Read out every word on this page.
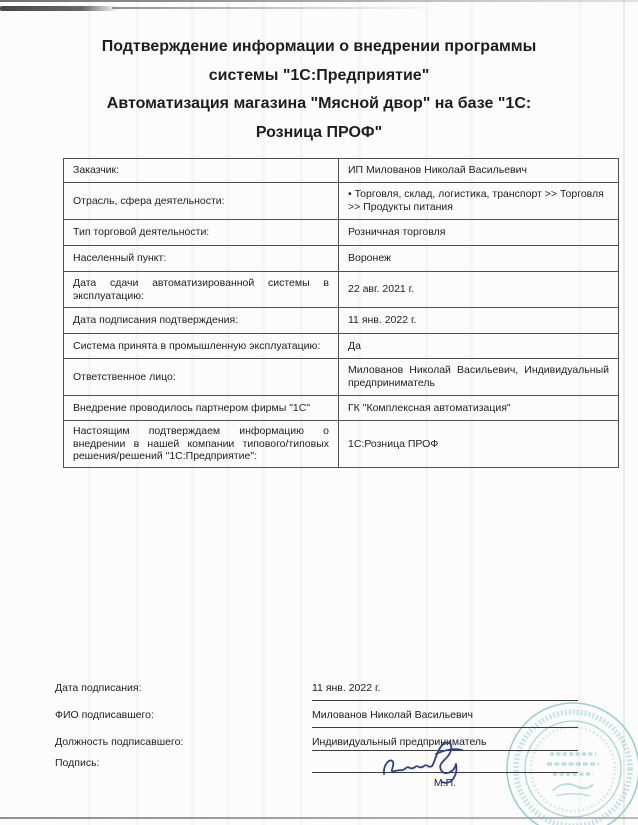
Подтверждение информации о внедрении программы
системы "1С:Предприятие"
Автоматизация магазина "Мясной двор" на базе "1С:
Розница ПРОФ"
Заказчик:	ИП Милованов Николай Васильевич
Отрасль, сфера деятельности:	• Торговля, склад, логистика, транспорт >> Торговля >> Продукты питания
Тип торговой деятельности:	Розничная торговля
Населенный пункт:	Воронеж
Дата сдачи автоматизированной системы в эксплуатацию:	22 авг. 2021 г.
Дата подписания подтверждения:	11 янв. 2022 г.
Система принята в промышленную эксплуатацию:	Да
Ответственное лицо:	Милованов Николай Васильевич, Индивидуальный предприниматель
Внедрение проводилось партнером фирмы "1С"	ГК "Комплексная автоматизация"
Настоящим подтверждаем информацию о внедрении в нашей компании типового/типовых решения/решений "1С:Предприятие":	1С:Розница ПРОФ
Дата подписания:	11 янв. 2022 г.
ФИО подписавшего:	Милованов Николай Васильевич
Должность подписавшего:	Индивидуальный предприниматель
Подпись:
М.П.
